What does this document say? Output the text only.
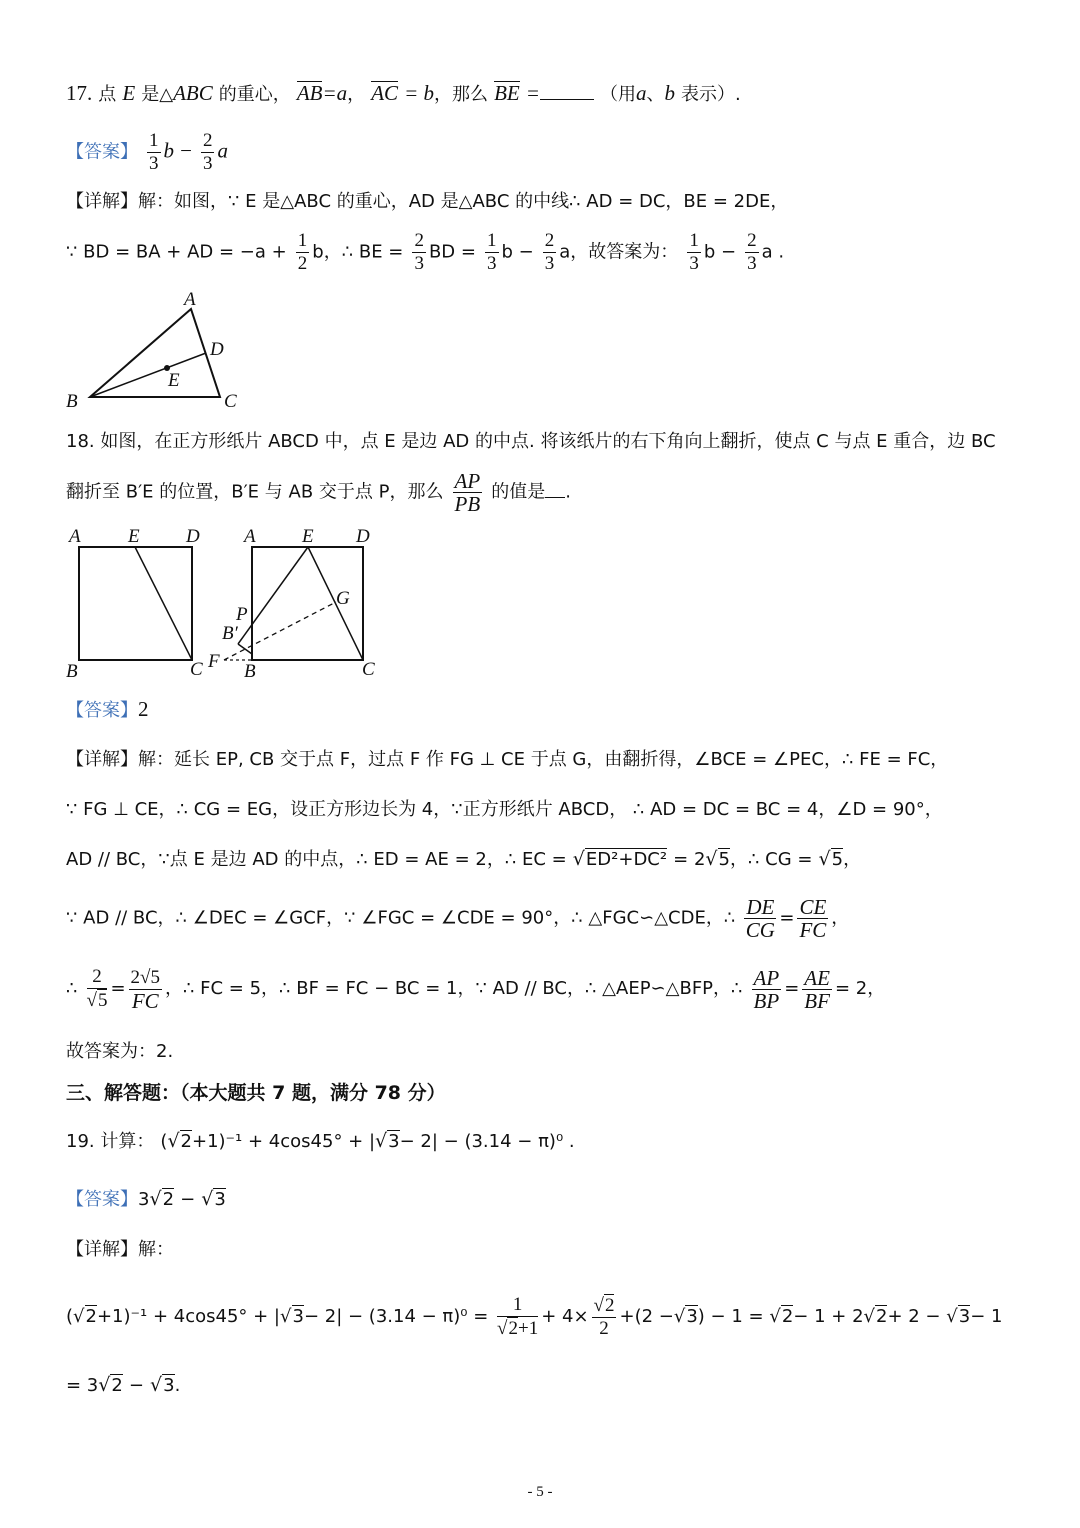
17. 点 E 是△ABC 的重心， AB=a， AC = b，那么 BE =	（用a、b 表示）.
【答案】 $\frac{1}{3}$ $b - \frac{2}{3}$ a
【详解】解：如图，∵ E 是△ABC 的重心，AD 是△ABC 的中线∴ AD = DC，BE = 2DE，
∵ BD = BA + AD = $-a + \frac{1}{2}$ b，∴ BE = $\frac{2}{3}$ BD = $\frac{1}{3}$ $b - \frac{2}{3}$ a，故答案为： $\frac{1}{3}$ $b - \frac{2}{3}$ a .
A
D
E
B	C
18. 如图，在正方形纸片 ABCD 中，点 E 是边 AD 的中点. 将该纸片的右下角向上翻折，使点 C 与点 E 重合，边 BC
翻折至 B′E 的位置，B′E 与 AB 交于点 P，那么 $\frac{AP}{PB}$ 的值是 .
A E D
B	C
A E D
G
P
B′
F B	C
【答案】2
【详解】解：延长 EP, CB 交于点 F，过点 F 作 FG ⊥ CE 于点 G，由翻折得，∠BCE = ∠PEC，∴ FE = FC，
∵ FG ⊥ CE，∴ CG = EG，设正方形边长为 4，∵正方形纸片 ABCD， ∴ AD = DC = BC = 4，∠D = 90°，
AD // BC，∵点 E 是边 AD 的中点，∴ ED = AE = 2，∴ EC = √ED²+DC² = 2√5，∴ CG = √5，
∵ AD // BC，∴ ∠DEC = ∠GCF，∵ ∠FGC = ∠CDE = 90°，∴ △FGC∽△CDE，∴ $\frac{DE}{CG} = \frac{CE}{FC}$ ，
∴ $\frac{2}{√5} = \frac{2√5}{FC}$ ，∴ FC = 5，∴ BF = FC − BC = 1，∵ AD // BC，∴ △AEP∽△BFP，∴ $\frac{AP}{BP} = \frac{AE}{BF} = 2$，
故答案为：2.
三、解答题：（本大题共 7 题，满分 78 分）
19. 计算： (√2+1)⁻¹ + 4cos45° + |√3− 2| − (3.14 − π)⁰ .
【答案】3√2 − √3
【详解】解：
$(√2+1)^{-1} + 4\cos 45^\circ + |√3- 2| - (3.14 - \pi)^0 = \frac{1}{√2+1} + 4\times \frac{√2}{2} +(2 -√3) - 1 = √2- 1 + 2√2+ 2 - √3- 1$
= 3√2 − √3.
- 5 -
